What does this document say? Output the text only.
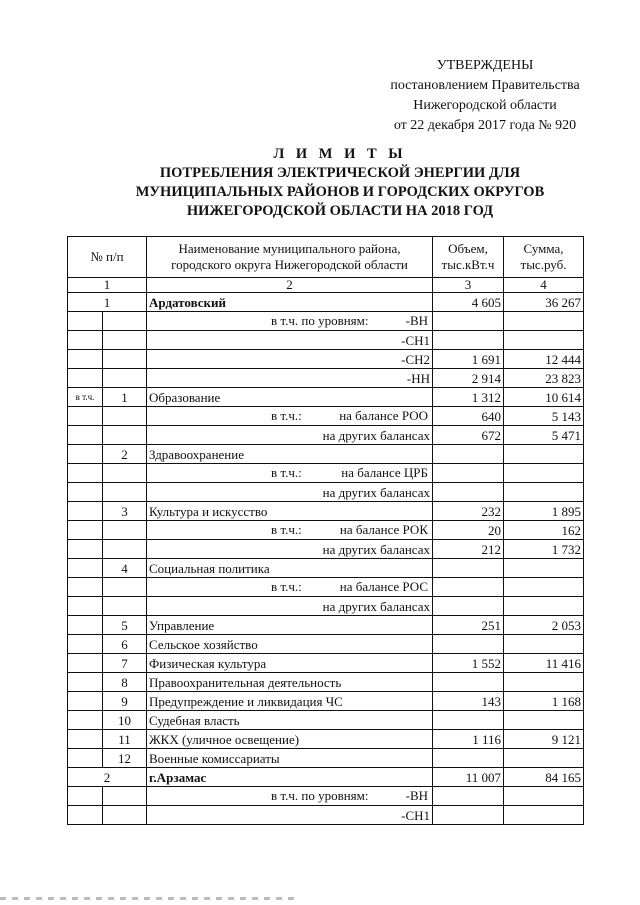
УТВЕРЖДЕНЫ
постановлением Правительства
Нижегородской области
от 22 декабря 2017 года № 920
Л И М И Т Ы
ПОТРЕБЛЕНИЯ ЭЛЕКТРИЧЕСКОЙ ЭНЕРГИИ ДЛЯ
МУНИЦИПАЛЬНЫХ РАЙОНОВ И ГОРОДСКИХ ОКРУГОВ
НИЖЕГОРОДСКОЙ ОБЛАСТИ НА 2018 ГОД
№ п/п		Наименование муниципального района, городского округа Нижегородской области	Объем, тыс.кВт.ч	Сумма, тыс.руб.
1		2	3	4
1		Ардатовский	4 605	36 267

		в т.ч. по уровням: -ВН		

		-СН1		
		-СН2	1 691	12 444
		-НН	2 914	23 823
в т.ч.	1	Образование	1 312	10 614

		в т.ч.: на балансе РОО	640	5 143
		на других балансах	672	5 471
	2	Здравоохранение		

		в т.ч.: на балансе ЦРБ		

		на других балансах		
	3	Культура и искусство	232	1 895

		в т.ч.: на балансе РОК	20	162
		на других балансах	212	1 732
	4	Социальная политика		

		в т.ч.: на балансе РОС		

		на других балансах		
	5	Управление	251	2 053
	6	Сельское хозяйство		
	7	Физическая культура	1 552	11 416
	8	Правоохранительная деятельность		
	9	Предупреждение и ликвидация ЧС	143	1 168
	10	Судебная власть		
	11	ЖКХ (уличное освещение)	1 116	9 121
	12	Военные комиссариаты		
2		г.Арзамас	11 007	84 165

		в т.ч. по уровням: -ВН		

		-СН1		
